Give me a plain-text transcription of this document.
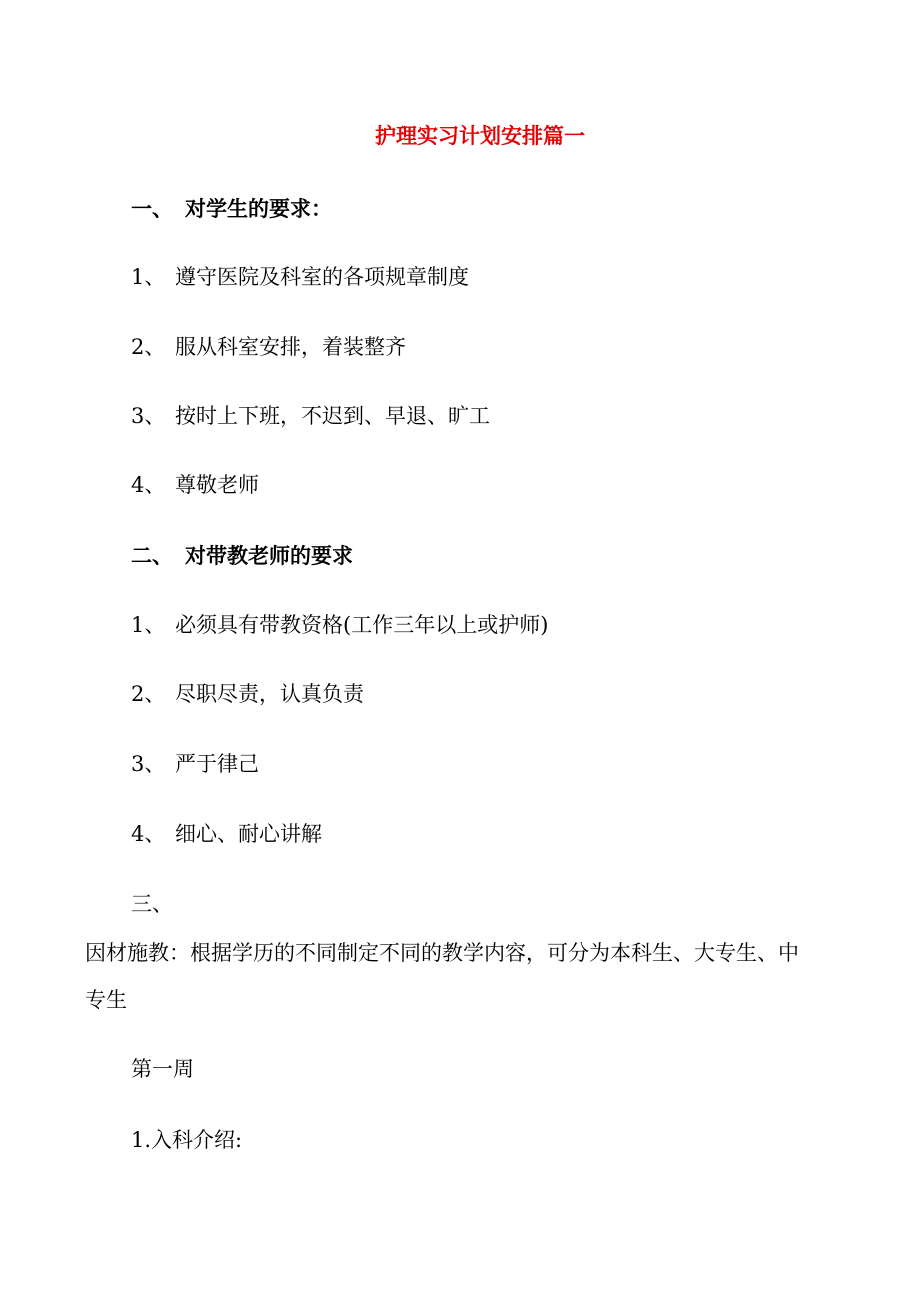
护理实习计划安排篇一
一、 对学生的要求：
1、 遵守医院及科室的各项规章制度
2、 服从科室安排，着装整齐
3、 按时上下班，不迟到、早退、旷工
4、 尊敬老师
二、 对带教老师的要求
1、 必须具有带教资格(工作三年以上或护师)
2、 尽职尽责，认真负责
3、 严于律己
4、 细心、耐心讲解
三、
因材施教：根据学历的不同制定不同的教学内容，可分为本科生、大专生、中
专生
第一周
1.入科介绍:
